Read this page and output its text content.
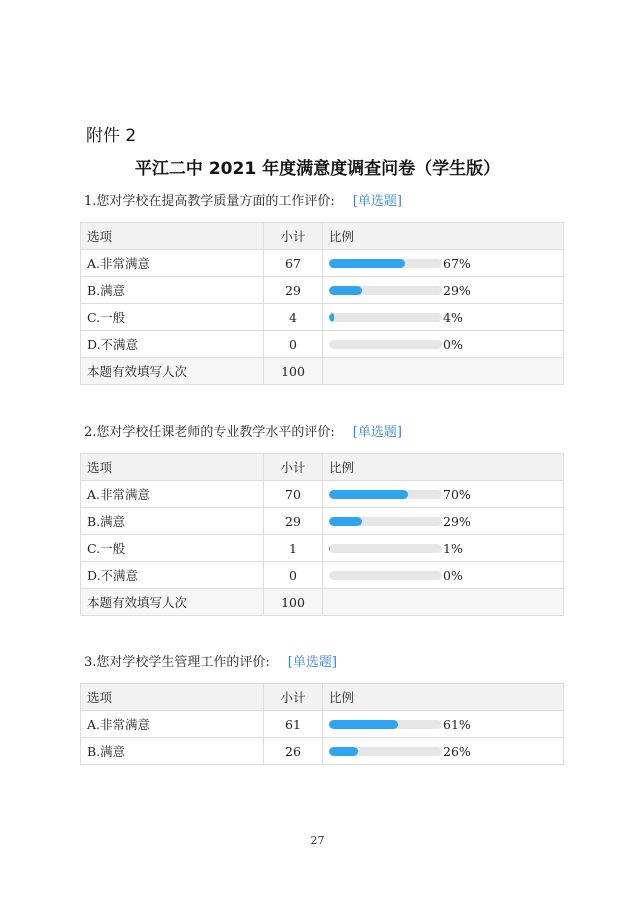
附件 2
平江二中 2021 年度满意度调查问卷（学生版）
1.您对学校在提高教学质量方面的工作评价: [单选题]
选项	小计	比例
A.非常满意	67	67%

B.满意	29	29%

C.一般	4	4%

D.不满意	0	0%

本题有效填写人次	100	
2.您对学校任课老师的专业教学水平的评价: [单选题]
选项	小计	比例
A.非常满意	70	70%

B.满意	29	29%

C.一般	1	1%

D.不满意	0	0%

本题有效填写人次	100	
3.您对学校学生管理工作的评价: [单选题]
选项	小计	比例
A.非常满意	61	61%

B.满意	26	26%
27
